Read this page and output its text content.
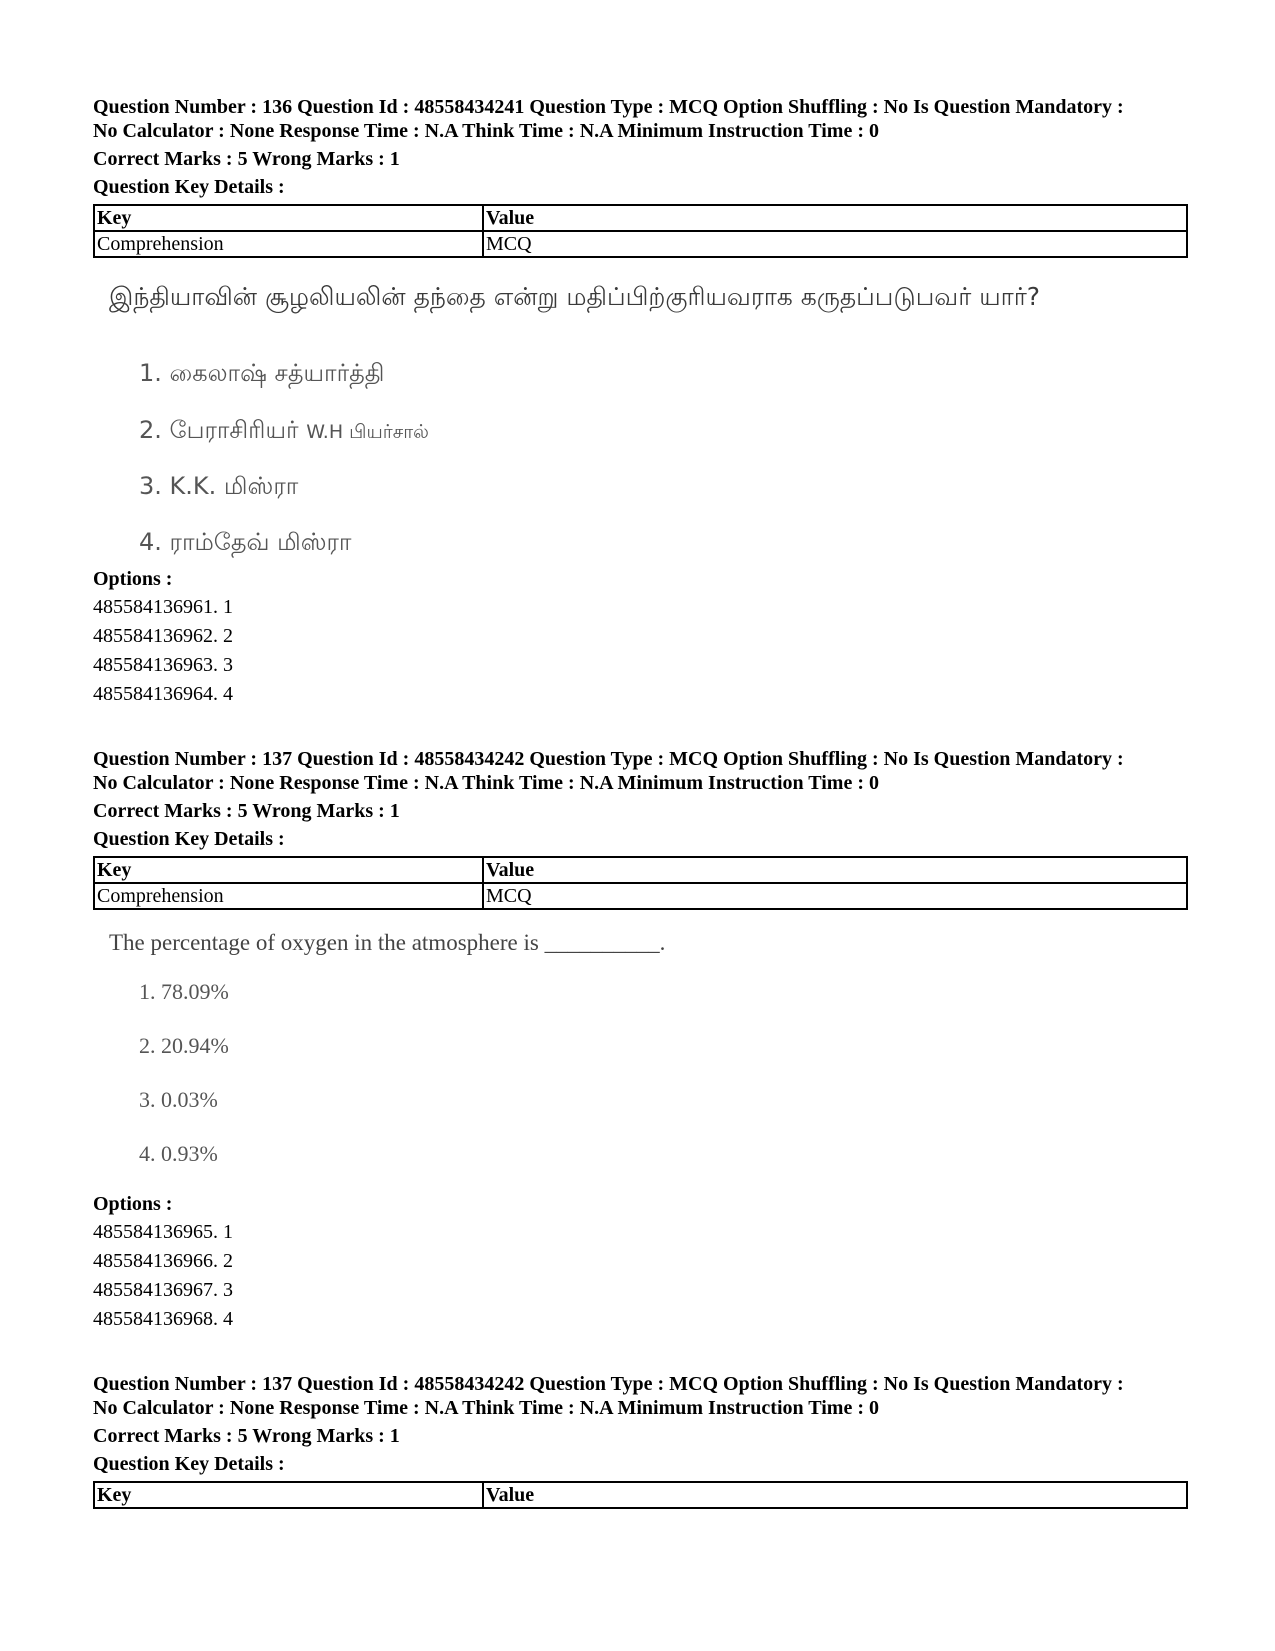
Question Number : 136 Question Id : 48558434241 Question Type : MCQ Option Shuffling : No Is Question Mandatory :

No Calculator : None Response Time : N.A Think Time : N.A Minimum Instruction Time : 0

Correct Marks : 5 Wrong Marks : 1

Question Key Details :

Key	Value
Comprehension	MCQ

இந்தியாவின் சூழலியலின் தந்தை என்று மதிப்பிற்குரியவராக கருதப்படுபவர் யார்?

1. கைலாஷ் சத்யார்த்தி
2. பேராசிரியர் W.H பியர்சால்
3. K.K. மிஸ்ரா
4. ராம்தேவ் மிஸ்ரா

Options :

485584136961. 1

485584136962. 2

485584136963. 3

485584136964. 4

Question Number : 137 Question Id : 48558434242 Question Type : MCQ Option Shuffling : No Is Question Mandatory :

No Calculator : None Response Time : N.A Think Time : N.A Minimum Instruction Time : 0

Correct Marks : 5 Wrong Marks : 1

Question Key Details :

Key	Value
Comprehension	MCQ

The percentage of oxygen in the atmosphere is __________.

1. 78.09%
2. 20.94%
3. 0.03%
4. 0.93%

Options :

485584136965. 1

485584136966. 2

485584136967. 3

485584136968. 4

Question Number : 137 Question Id : 48558434242 Question Type : MCQ Option Shuffling : No Is Question Mandatory :

No Calculator : None Response Time : N.A Think Time : N.A Minimum Instruction Time : 0

Correct Marks : 5 Wrong Marks : 1

Question Key Details :

Key	Value
